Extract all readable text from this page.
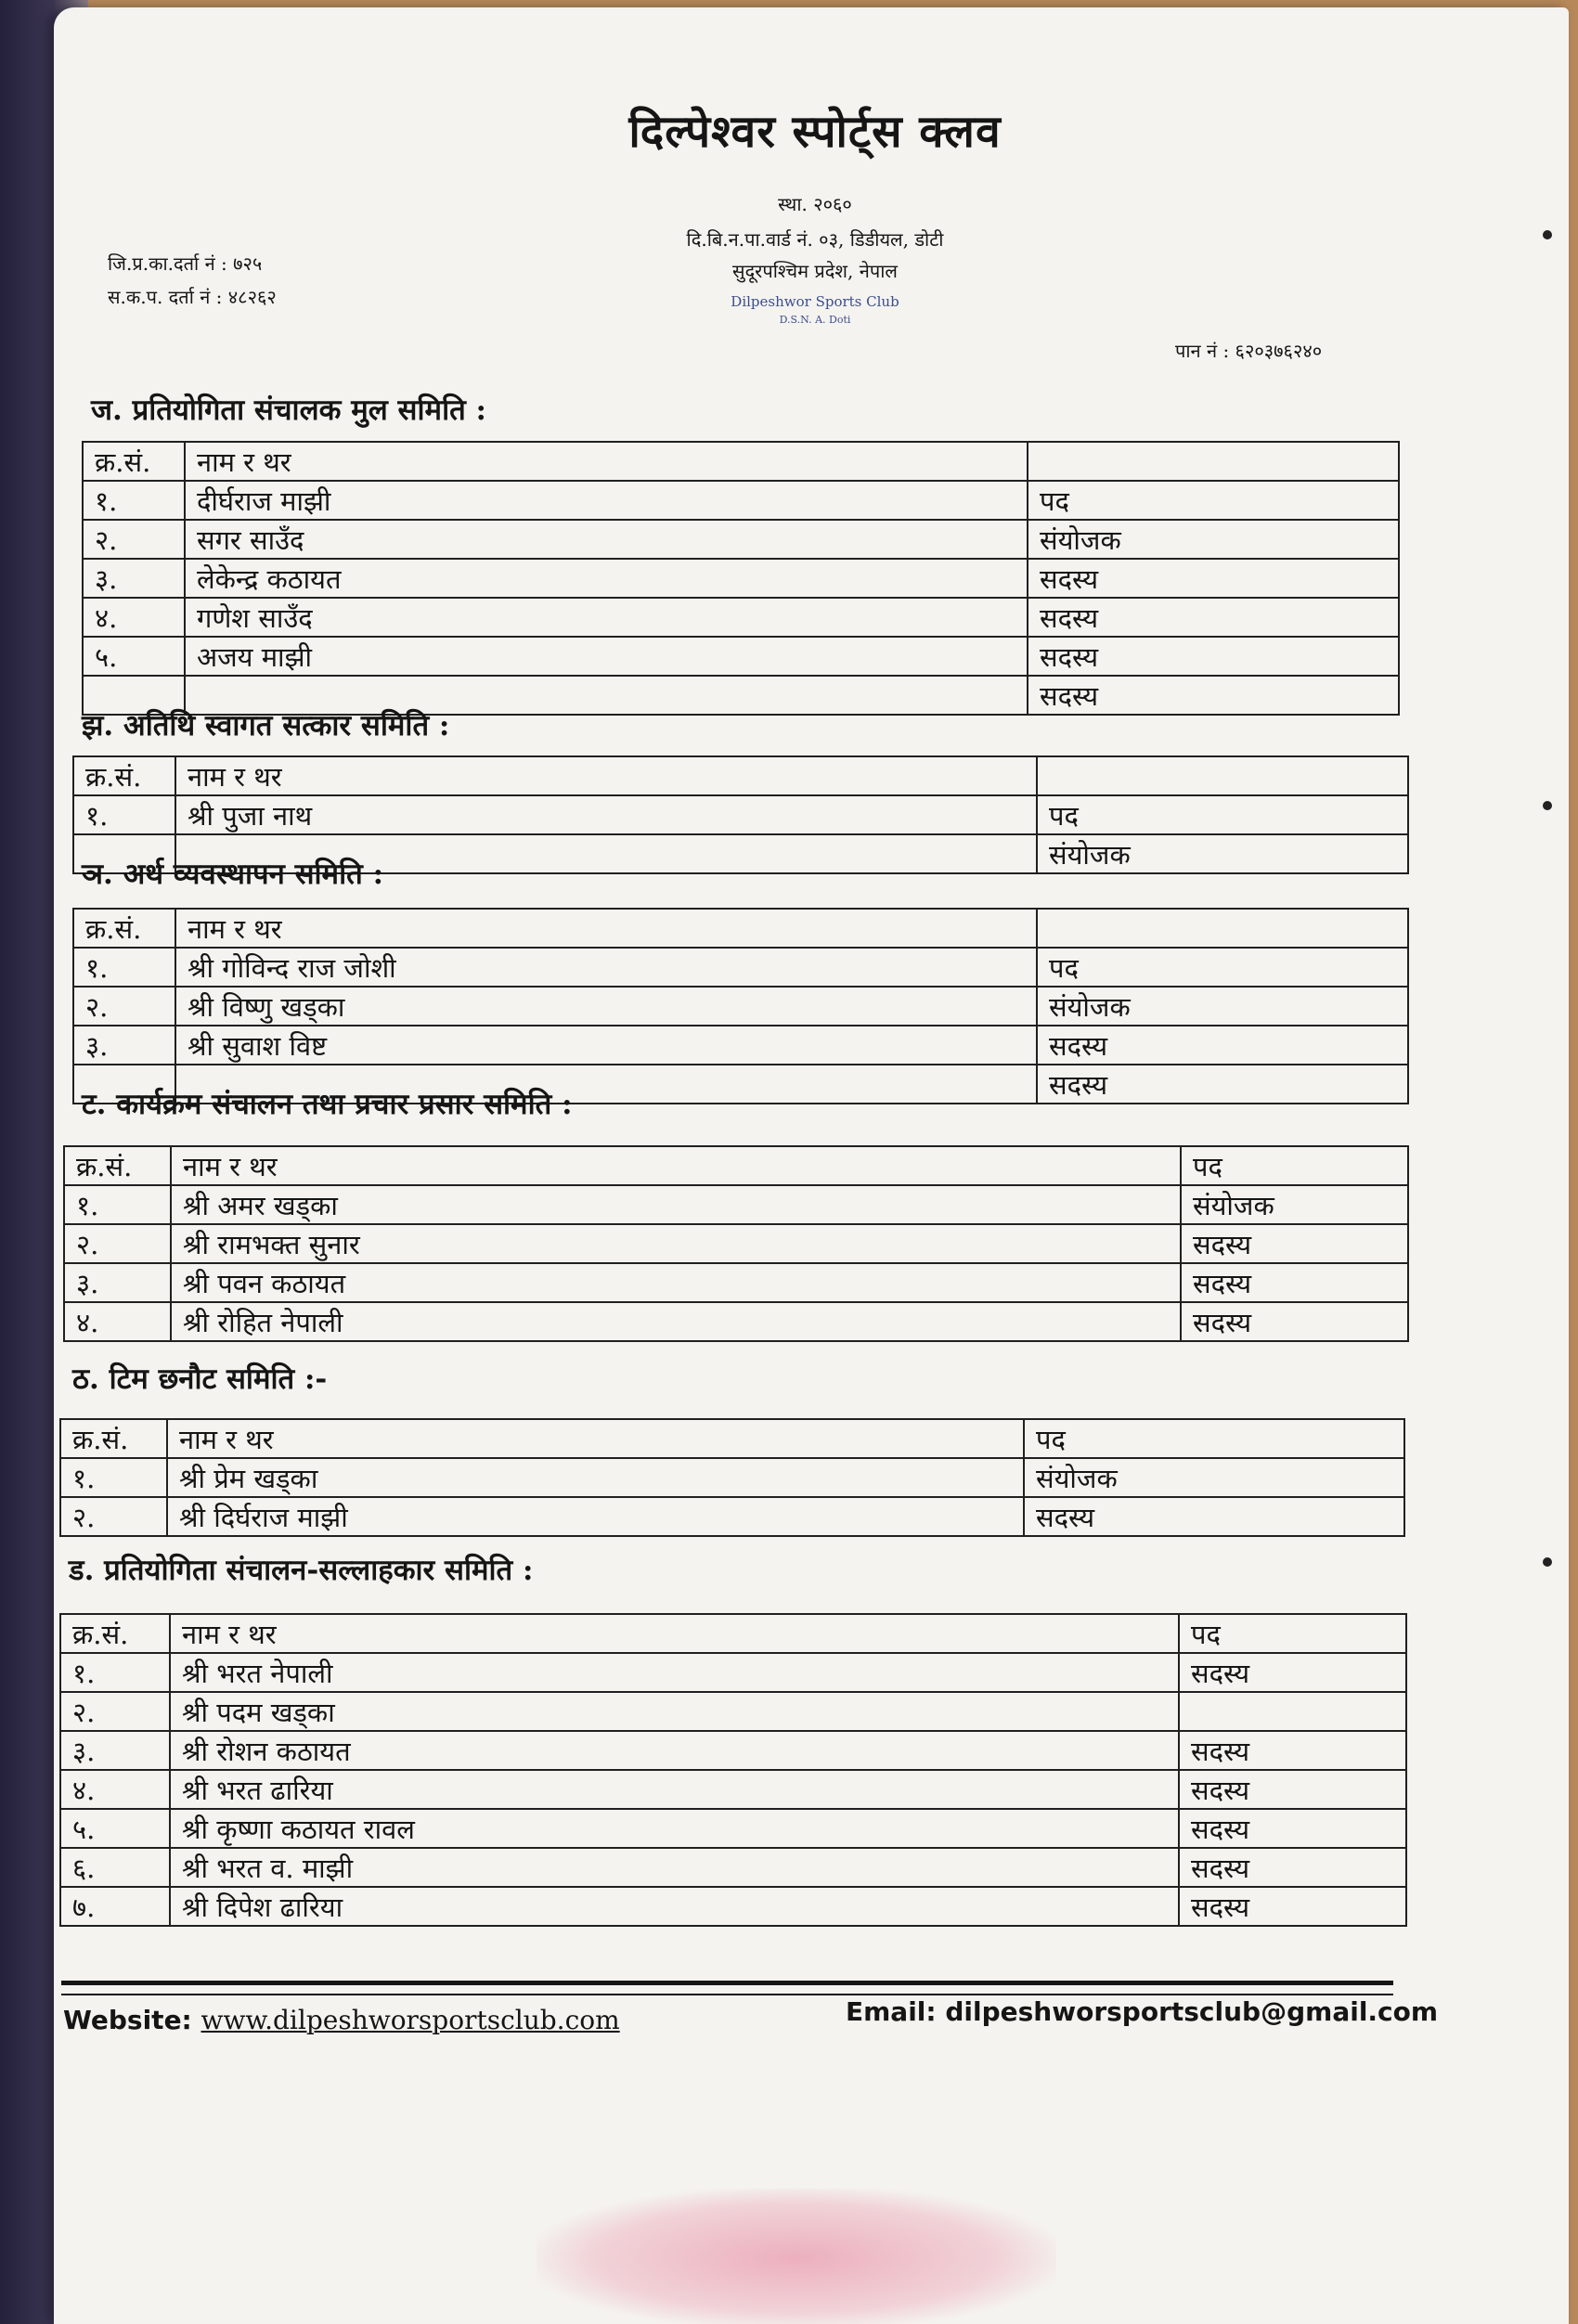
दिल्पेश्वर स्पोर्ट्स क्लव
स्था. २०६०
दि.बि.न.पा.वार्ड नं. ०३, डिडीयल, डोटी
सुदूरपश्चिम प्रदेश, नेपाल
Dilpeshwor Sports Club
D.S.N. A. Doti
जि.प्र.का.दर्ता नं : ७२५
स.क.प. दर्ता नं : ४८२६२
पान नं : ६२०३७६२४०
ज. प्रतियोगिता संचालक मुल समिति :
क्र.सं.	नाम र थर	
१.	दीर्घराज माझी	पद
२.	सगर साउँद	संयोजक
३.	लेकेन्द्र कठायत	सदस्य
४.	गणेश साउँद	सदस्य
५.	अजय माझी	सदस्य
		सदस्य
झ. अतिथि स्वागत सत्कार समिति :
क्र.सं.	नाम र थर	
१.	श्री पुजा नाथ	पद
		संयोजक
ञ. अर्थ व्यवस्थापन समिति :
क्र.सं.	नाम र थर	
१.	श्री गोविन्द राज जोशी	पद
२.	श्री विष्णु खड्का	संयोजक
३.	श्री सुवाश विष्ट	सदस्य
		सदस्य
ट. कार्यक्रम संचालन तथा प्रचार प्रसार समिति :
क्र.सं.	नाम र थर	पद
१.	श्री अमर खड्का	संयोजक
२.	श्री रामभक्त सुनार	सदस्य
३.	श्री पवन कठायत	सदस्य
४.	श्री रोहित नेपाली	सदस्य
ठ. टिम छनौट समिति :-
क्र.सं.	नाम र थर	पद
१.	श्री प्रेम खड्का	संयोजक
२.	श्री दिर्घराज माझी	सदस्य
ड. प्रतियोगिता संचालन-सल्लाहकार समिति :
क्र.सं.	नाम र थर	पद
१.	श्री भरत नेपाली	सदस्य
२.	श्री पदम खड्का	
३.	श्री रोशन कठायत	सदस्य
४.	श्री भरत ढारिया	सदस्य
५.	श्री कृष्णा कठायत रावल	सदस्य
६.	श्री भरत व. माझी	सदस्य
७.	श्री दिपेश ढारिया	सदस्य
Website: www.dilpeshworsportsclub.com	Email: dilpeshworsportsclub@gmail.com
